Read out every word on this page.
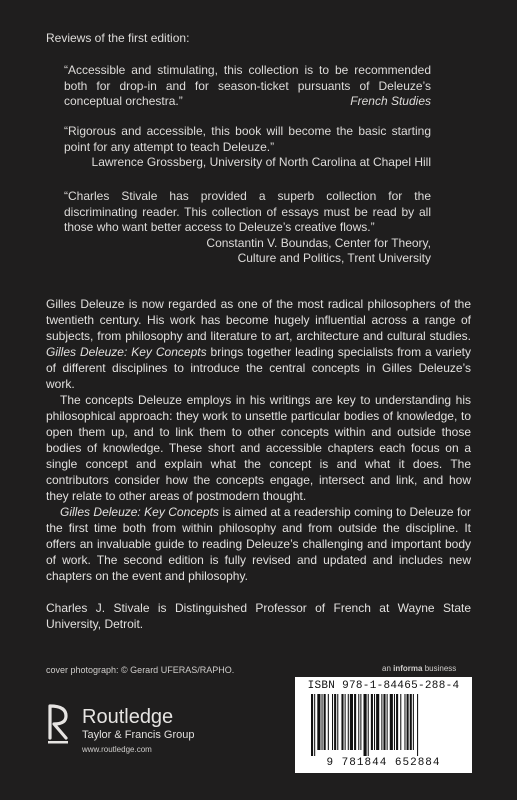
Reviews of the first edition:
“Accessible and stimulating, this collection is to be recommended both for drop-in and for season-ticket pursuants of Deleuze’s conceptual orchestra.”	French Studies
“Rigorous and accessible, this book will become the basic starting point for any attempt to teach Deleuze.”
Lawrence Grossberg, University of North Carolina at Chapel Hill
“Charles Stivale has provided a superb collection for the discriminating reader. This collection of essays must be read by all those who want better access to Deleuze’s creative flows.”
Constantin V. Boundas, Center for Theory,
Culture and Politics, Trent University

Gilles Deleuze is now regarded as one of the most radical philosophers of the twentieth century. His work has become hugely influential across a range of subjects, from philosophy and literature to art, architecture and cultural studies. Gilles Deleuze: Key Concepts brings together leading specialists from a variety of different disciplines to introduce the central concepts in Gilles Deleuze’s work.

The concepts Deleuze employs in his writings are key to understanding his philosophical approach: they work to unsettle particular bodies of knowledge, to open them up, and to link them to other concepts within and outside those bodies of knowledge. These short and accessible chapters each focus on a single concept and explain what the concept is and what it does. The contributors consider how the concepts engage, intersect and link, and how they relate to other areas of postmodern thought.

Gilles Deleuze: Key Concepts is aimed at a readership coming to Deleuze for the first time both from within philosophy and from outside the discipline. It offers an invaluable guide to reading Deleuze’s challenging and important body of work. The second edition is fully revised and updated and includes new chapters on the event and philosophy.

Charles J. Stivale is Distinguished Professor of French at Wayne State University, Detroit.
cover photograph: © Gerard UFERAS/RAPHO.	an informa business
Routledge
Taylor & Francis Group
www.routledge.com
ISBN 978-1-84465-288-4
9 781844 652884
